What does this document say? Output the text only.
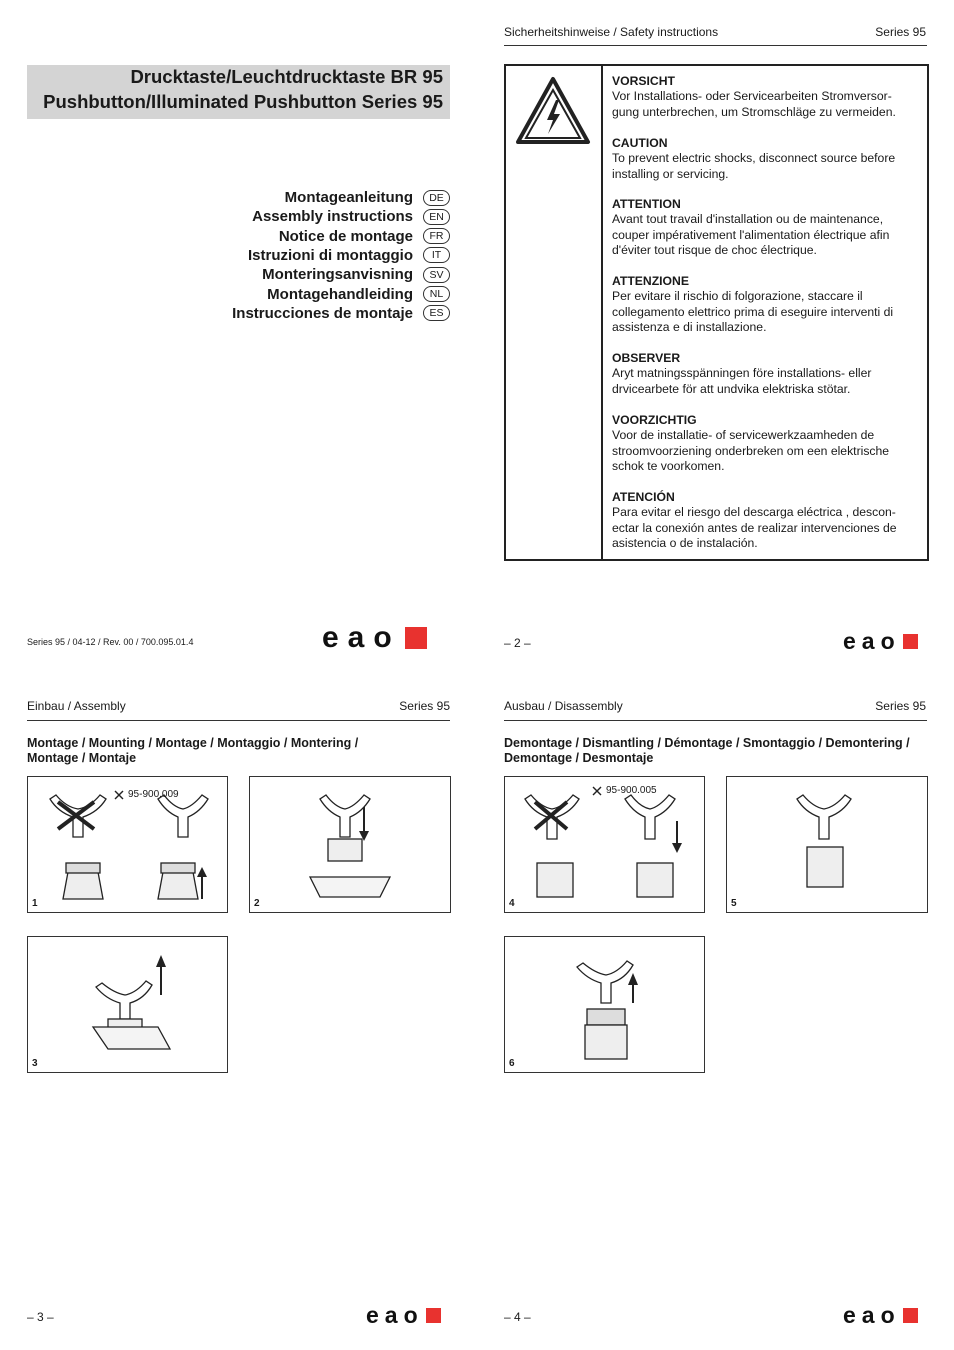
Drucktaste/Leuchtdrucktaste BR 95
Pushbutton/Illuminated Pushbutton Series 95
Montageanleitung	DE
Assembly instructions	EN
Notice de montage	FR
Istruzioni di montaggio	IT
Monteringsanvisning	SV
Montagehandleiding	NL
Instrucciones de montaje	ES
Series 95 / 04-12 / Rev. 00 / 700.095.01.4	eao
Sicherheitshinweise / Safety instructions	Series 95
VORSICHT
Vor Installations- oder Servicearbeiten Stromversor-
gung unterbrechen, um Stromschläge zu vermeiden.
CAUTION
To prevent electric shocks, disconnect source before
installing or servicing.
ATTENTION
Avant tout travail d'installation ou de maintenance,
couper impérativement l'alimentation électrique afin
d'éviter tout risque de choc électrique.
ATTENZIONE
Per evitare il rischio di folgorazione, staccare il
collegamento elettrico prima di eseguire interventi di
assistenza e di installazione.
OBSERVER
Aryt matningsspänningen före installations- eller
drvicearbete för att undvika elektriska stötar.
VOORZICHTIG
Voor de installatie- of servicewerkzaamheden de
stroomvoorziening onderbreken om een elektrische
schok te voorkomen.
ATENCIÓN
Para evitar el riesgo del descarga eléctrica , descon-
ectar la conexión antes de realizar intervenciones de
asistencia o de instalación.
– 2 –	eao
Einbau / Assembly	Series 95
Montage / Mounting / Montage / Montaggio / Montering /
Montage / Montaje
95-900.009
1	2
3
– 3 –	eao
Ausbau / Disassembly	Series 95
Demontage / Dismantling / Démontage / Smontaggio / Demontering /
Demontage / Desmontaje
95-900.005
4	5
6
– 4 –	eao
